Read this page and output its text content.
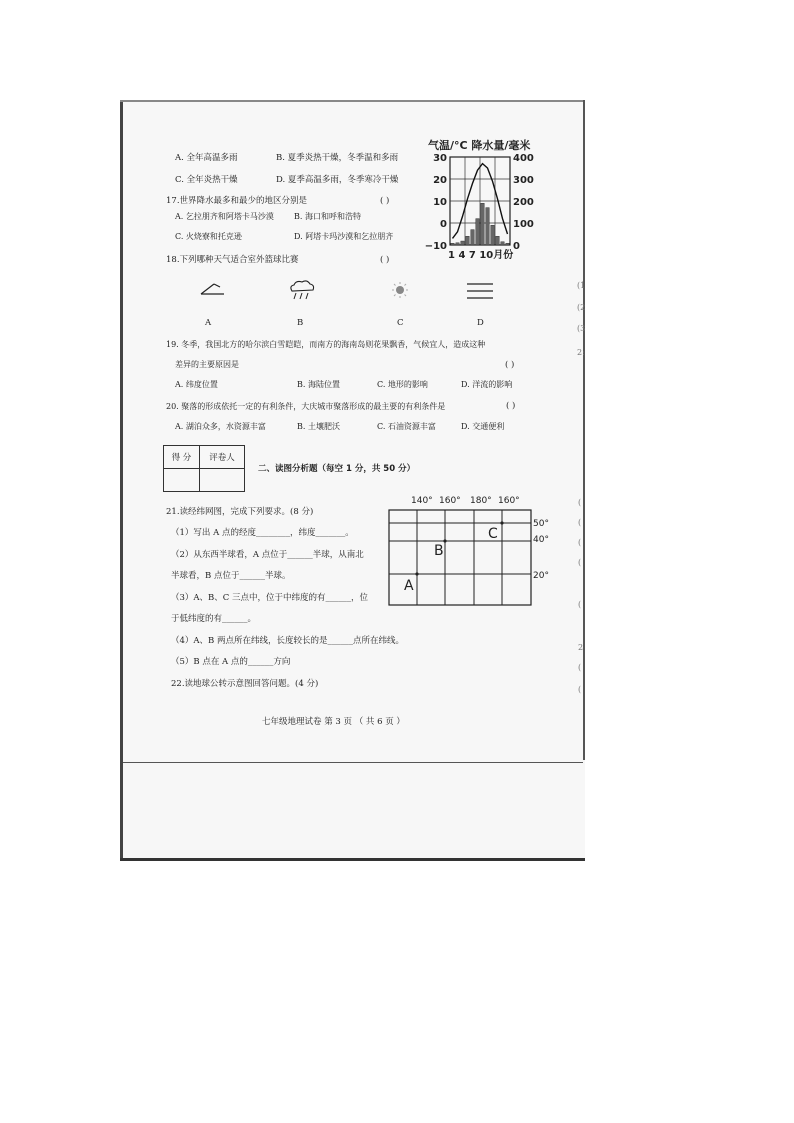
A. 全年高温多雨	B. 夏季炎热干燥，冬季温和多雨
C. 全年炎热干燥	D. 夏季高温多雨，冬季寒冷干燥
17.世界降水最多和最少的地区分别是	( )
A. 乞拉朋齐和阿塔卡马沙漠	B. 海口和呼和浩特
C. 火烧寮和托克逊	D. 阿塔卡玛沙漠和乞拉朋齐
气温/°C 降水量/毫米
30
20
10
0
−10
400
300
200
100
0
1 4 7 10月份
18.下列哪种天气适合室外篮球比赛	( )
A	B	C	D
19. 冬季，我国北方的哈尔滨白雪皑皑，而南方的海南岛则花果飘香，气候宜人，造成这种
差异的主要原因是	( )
A. 纬度位置	B. 海陆位置	C. 地形的影响	D. 洋流的影响
20. 聚落的形成依托一定的有利条件，大庆城市聚落形成的最主要的有利条件是	( )
A. 湖泊众多，水资源丰富	B. 土壤肥沃	C. 石油资源丰富	D. 交通便利
得 分	评卷人

二、读图分析题（每空 1 分，共 50 分）
21.读经纬网图，完成下列要求。(8 分)
（1）写出 A 点的经度________，纬度_______。
（2）从东西半球看，A 点位于______半球，从南北
半球看，B 点位于______半球。
（3）A、B、C 三点中，位于中纬度的有______，位
于低纬度的有______。
（4）A、B 两点所在纬线，长度较长的是______点所在纬线。
（5）B 点在 A 点的______方向
22.读地球公转示意图回答问题。(4 分)
140° 160° 180° 160°
50°
40°
20°
A
B
C
七年级地理试卷 第 3 页 （ 共 6 页 ）
(1
(2
(3
2:
(
(
(
(
(
2
(
(
